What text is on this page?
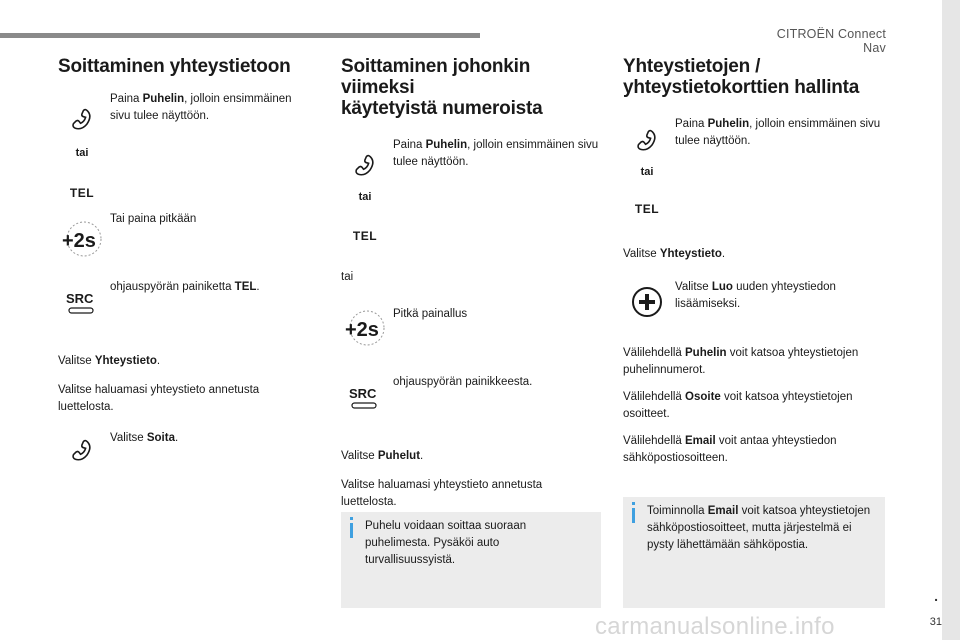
CITROËN Connect Nav
.
31
Soittaminen yhteystietoon
tai
TEL
Paina Puhelin, jolloin ensimmäinen sivu tulee näyttöön.
+2s
Tai paina pitkään
SRC
ohjauspyörän painiketta TEL.

Valitse Yhteystieto.

Valitse haluamasi yhteystieto annetusta luettelosta.

Valitse Soita.
Soittaminen johonkin viimeksi
käytetyistä numeroista
tai
TEL
Paina Puhelin, jolloin ensimmäinen sivu tulee näyttöön.

tai

+2s
Pitkä painallus
SRC
ohjauspyörän painikkeesta.

Valitse Puhelut.

Valitse haluamasi yhteystieto annetusta luettelosta.

Puhelu voidaan soittaa suoraan puhelimesta. Pysäköi auto turvallisuussyistä.
Yhteystietojen /
yhteystietokorttien hallinta
tai
TEL
Paina Puhelin, jolloin ensimmäinen sivu tulee näyttöön.

Valitse Yhteystieto.

Valitse Luo uuden yhteystiedon lisäämiseksi.

Välilehdellä Puhelin voit katsoa yhteystietojen puhelinnumerot.

Välilehdellä Osoite voit katsoa yhteystietojen osoitteet.

Välilehdellä Email voit antaa yhteystiedon sähköpostiosoitteen.

Toiminnolla Email voit katsoa yhteystietojen sähköpostiosoitteet, mutta järjestelmä ei pysty lähettämään sähköpostia.
carmanualsonline.info
